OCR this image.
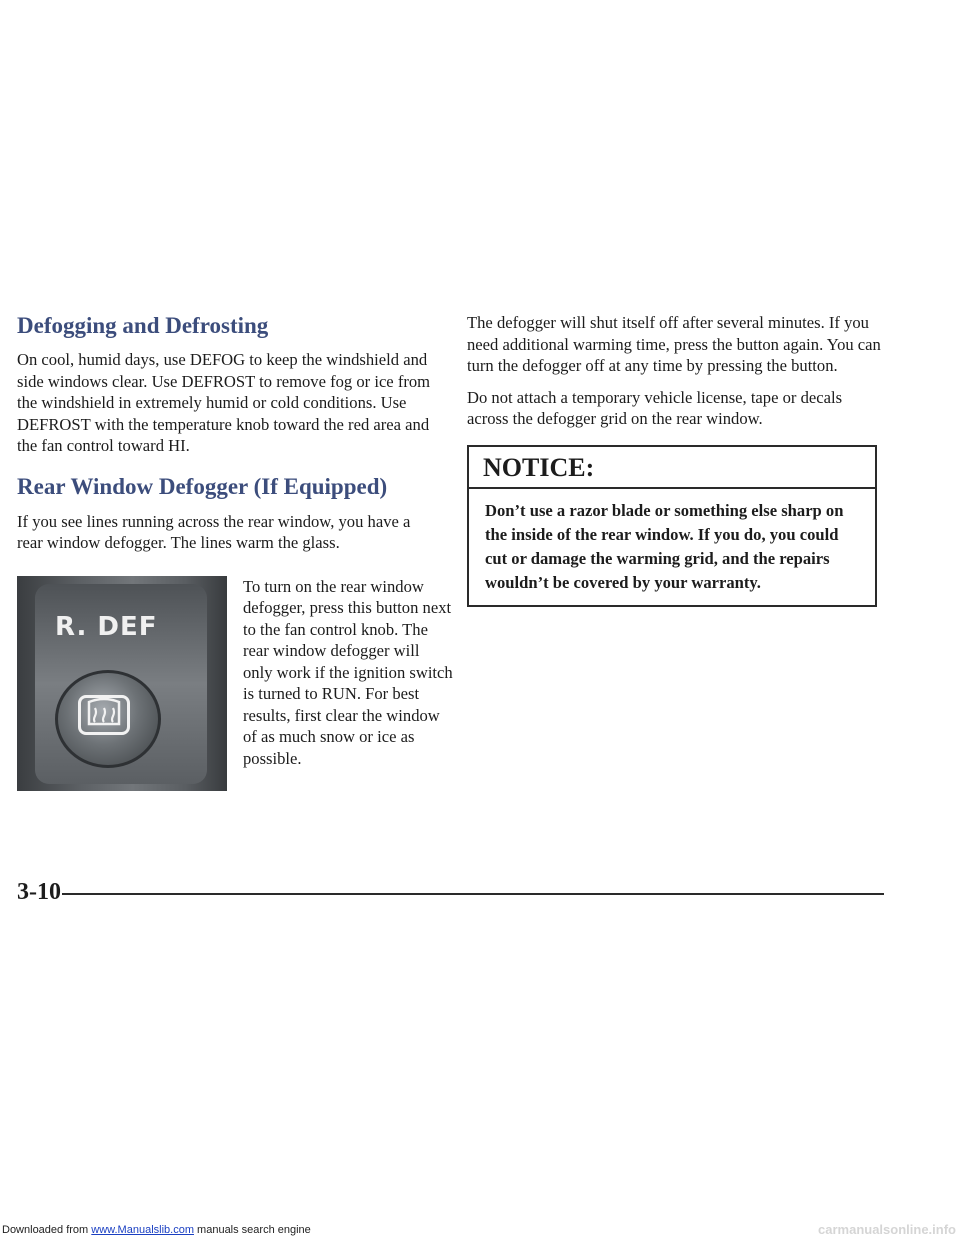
Defogging and Defrosting

On cool, humid days, use DEFOG to keep the windshield and side windows clear. Use DEFROST to remove fog or ice from the windshield in extremely humid or cold conditions. Use DEFROST with the temperature knob toward the red area and the fan control toward HI.

Rear Window Defogger (If Equipped)

If you see lines running across the rear window, you have a rear window defogger. The lines warm the glass.

R. DEF

To turn on the rear window defogger, press this button next to the fan control knob. The rear window defogger will only work if the ignition switch is turned to RUN. For best results, first clear the window of as much snow or ice as possible.

The defogger will shut itself off after several minutes. If you need additional warming time, press the button again. You can turn the defogger off at any time by pressing the button.

Do not attach a temporary vehicle license, tape or decals across the defogger grid on the rear window.

NOTICE:
Don’t use a razor blade or something else sharp on the inside of the rear window. If you do, you could cut or damage the warming grid, and the repairs wouldn’t be covered by your warranty.
3-10
Downloaded from www.Manualslib.com manuals search engine	carmanualsonline.info
